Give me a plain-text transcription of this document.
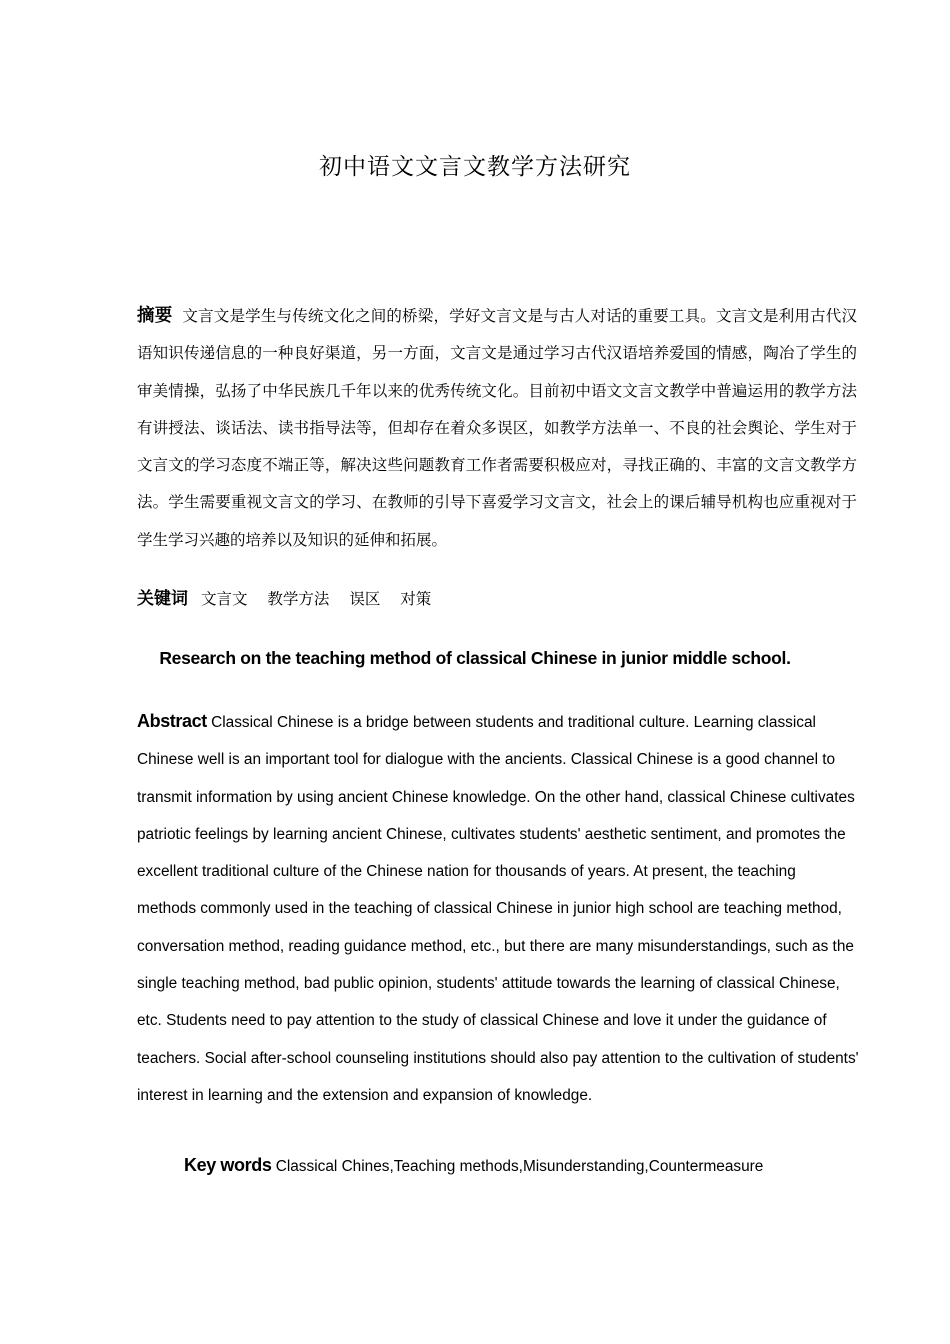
初中语文文言文教学方法研究
摘要 文言文是学生与传统文化之间的桥梁，学好文言文是与古人对话的重要工具。文言文是利用古代汉语知识传递信息的一种良好渠道，另一方面，文言文是通过学习古代汉语培养爱国的情感，陶冶了学生的审美情操，弘扬了中华民族几千年以来的优秀传统文化。目前初中语文文言文教学中普遍运用的教学方法有讲授法、谈话法、读书指导法等，但却存在着众多误区，如教学方法单一、不良的社会舆论、学生对于文言文的学习态度不端正等，解决这些问题教育工作者需要积极应对，寻找正确的、丰富的文言文教学方法。学生需要重视文言文的学习、在教师的引导下喜爱学习文言文，社会上的课后辅导机构也应重视对于学生学习兴趣的培养以及知识的延伸和拓展。
关键词 文言文 教学方法 误区 对策
Research on the teaching method of classical Chinese in junior middle school.
Abstract Classical Chinese is a bridge between students and traditional culture. Learning classical Chinese well is an important tool for dialogue with the ancients. Classical Chinese is a good channel to transmit information by using ancient Chinese knowledge. On the other hand, classical Chinese cultivates patriotic feelings by learning ancient Chinese, cultivates students' aesthetic sentiment, and promotes the excellent traditional culture of the Chinese nation for thousands of years. At present, the teaching methods commonly used in the teaching of classical Chinese in junior high school are teaching method, conversation method, reading guidance method, etc., but there are many misunderstandings, such as the single teaching method, bad public opinion, students' attitude towards the learning of classical Chinese, etc. Students need to pay attention to the study of classical Chinese and love it under the guidance of teachers. Social after-school counseling institutions should also pay attention to the cultivation of students' interest in learning and the extension and expansion of knowledge.
Key words Classical Chines,Teaching methods,Misunderstanding,Countermeasure
